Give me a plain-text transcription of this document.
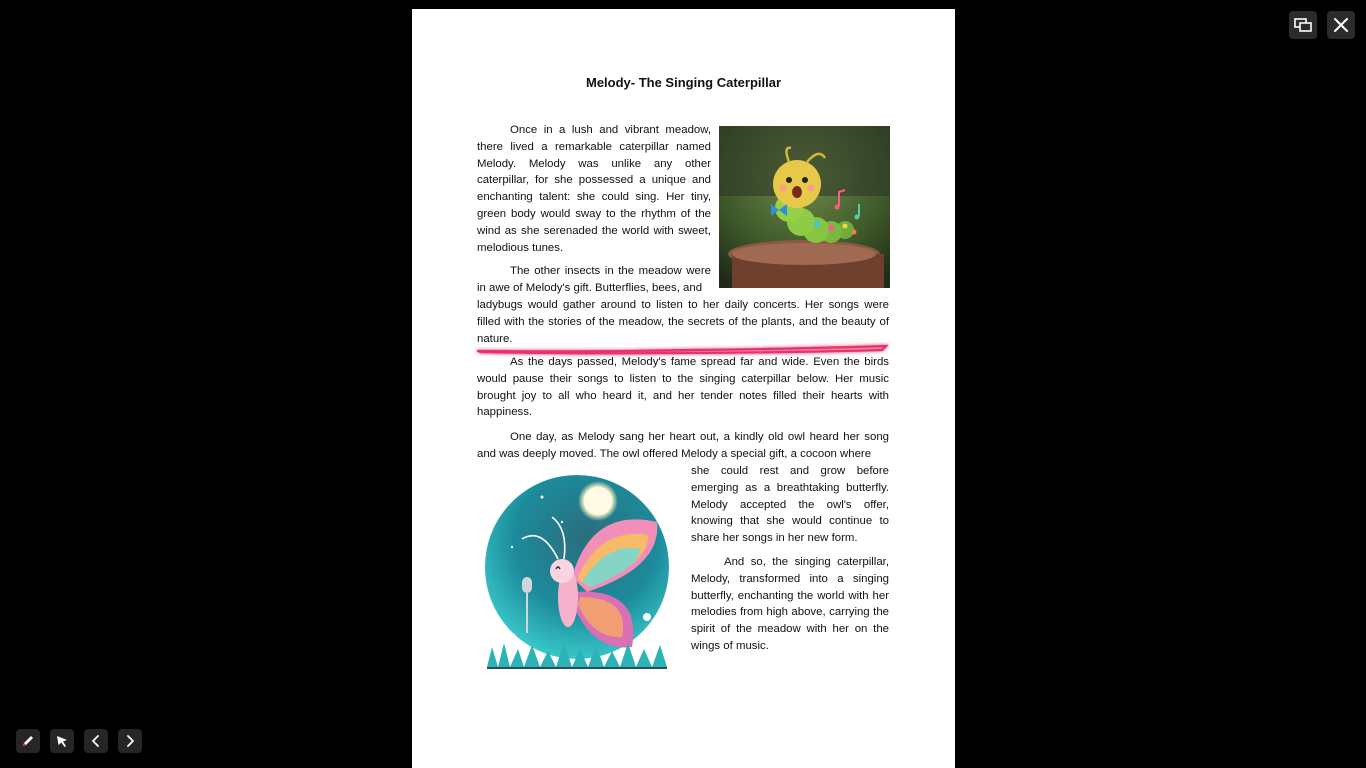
Melody- The Singing Caterpillar

Once in a lush and vibrant meadow, there lived a remarkable caterpillar named Melody. Melody was unlike any other caterpillar, for she possessed a unique and enchanting talent: she could sing. Her tiny, green body would sway to the rhythm of the wind as she serenaded the world with sweet, melodious tunes.

The other insects in the meadow were in awe of Melody's gift. Butterflies, bees, and

ladybugs would gather around to listen to her daily concerts. Her songs were filled with the stories of the meadow, the secrets of the plants, and the beauty of nature.

As the days passed, Melody's fame spread far and wide. Even the birds would pause their songs to listen to the singing caterpillar below. Her music brought joy to all who heard it, and her tender notes filled their hearts with happiness.

One day, as Melody sang her heart out, a kindly old owl heard her song and was deeply moved. The owl offered Melody a special gift, a cocoon where

she could rest and grow before emerging as a breathtaking butterfly. Melody accepted the owl's offer, knowing that she would continue to share her songs in her new form.

And so, the singing caterpillar, Melody, transformed into a singing butterfly, enchanting the world with her melodies from high above, carrying the spirit of the meadow with her on the wings of music.
